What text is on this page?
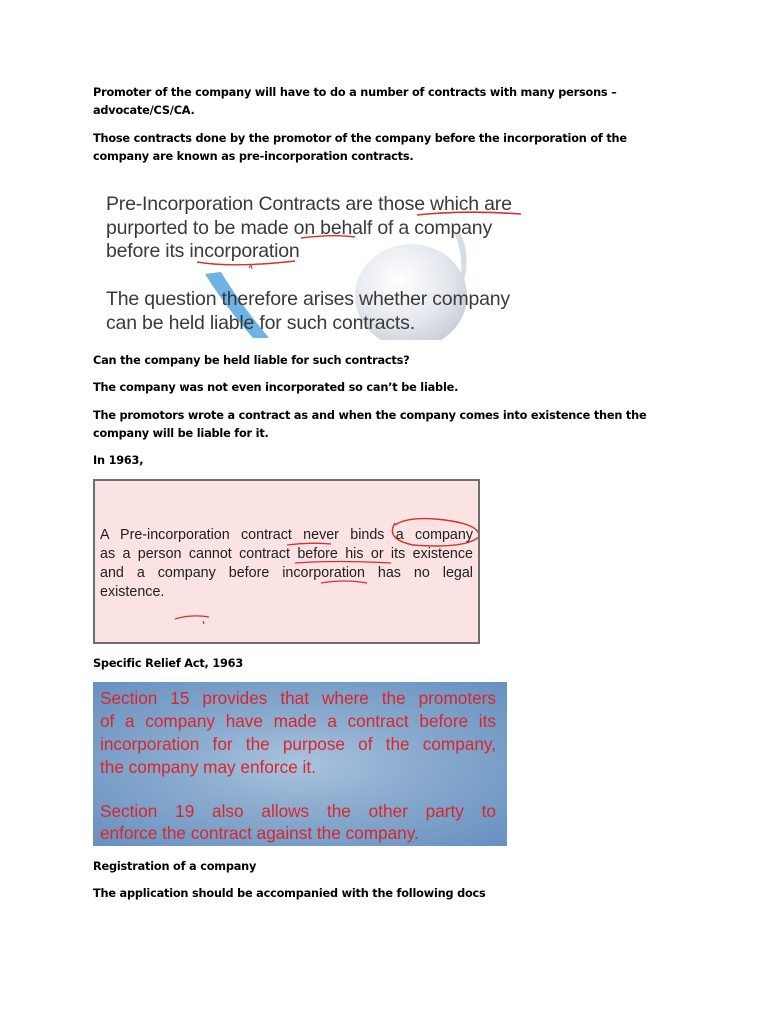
Promoter of the company will have to do a number of contracts with many persons – advocate/CS/CA.

Those contracts done by the promotor of the company before the incorporation of the company are known as pre-incorporation contracts.

Pre-Incorporation Contracts are those which are
purported to be made on behalf of a company
before its incorporation
The question therefore arises whether company
can be held liable for such contracts.

Can the company be held liable for such contracts?

The company was not even incorporated so can’t be liable.

The promotors wrote a contract as and when the company comes into existence then the company will be liable for it.

In 1963,

A Pre-incorporation contract never binds a company
as a person cannot contract before his or its existence
and a company before incorporation has no legal
existence.

Specific Relief Act, 1963

Section 15 provides that where the promoters
of a company have made a contract before its
incorporation for the purpose of the company,
the company may enforce it.
Section 19 also allows the other party to
enforce the contract against the company.

Registration of a company

The application should be accompanied with the following docs
